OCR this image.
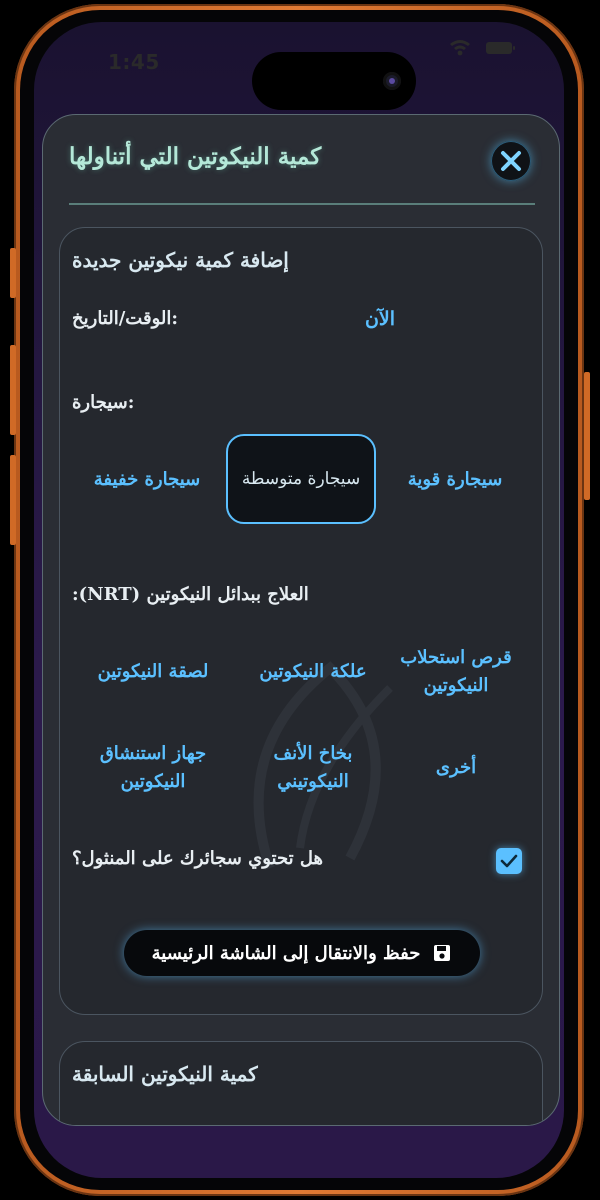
1:45
كمية النيكوتين التي أتناولها
إضافة كمية نيكوتين جديدة
الوقت/التاريخ:	الآن
سيجارة:
سيجارة خفيفة	سيجارة متوسطة	سيجارة قوية
العلاج ببدائل النيكوتين (NRT):
لصقة النيكوتين	علكة النيكوتين
قرص استحلاب النيكوتين
جهاز استنشاق النيكوتين
بخاخ الأنف النيكوتيني
أخرى
هل تحتوي سجائرك على المنثول؟
حفظ والانتقال إلى الشاشة الرئيسية
كمية النيكوتين السابقة
